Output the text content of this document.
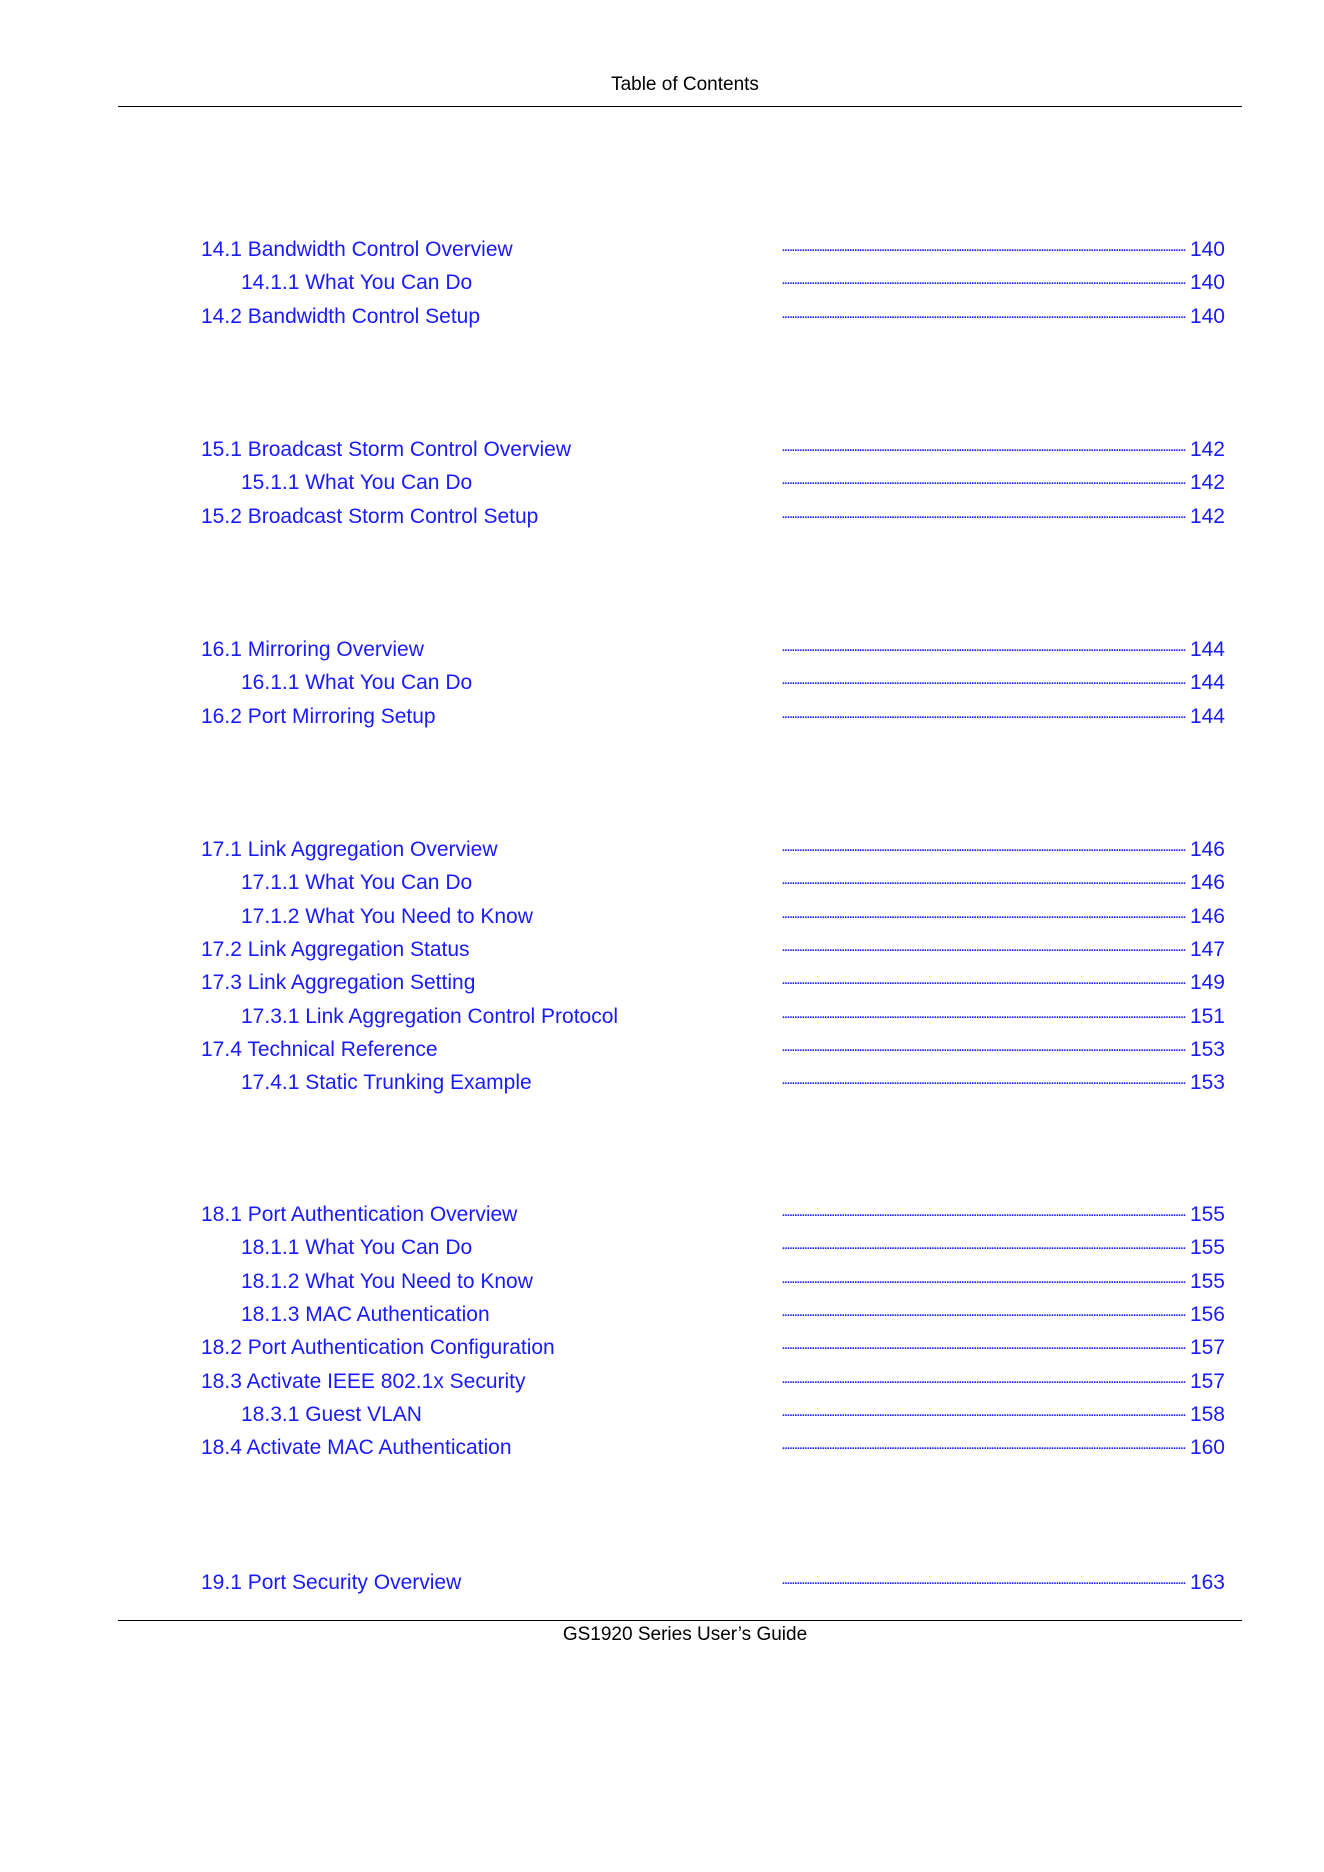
Table of Contents
14.1 Bandwidth Control Overview . . .	140
14.1.1 What You Can Do . . .	140
14.2 Bandwidth Control Setup . . .	140
15.1 Broadcast Storm Control Overview . . .	142
15.1.1 What You Can Do . . .	142
15.2 Broadcast Storm Control Setup . . .	142
16.1 Mirroring Overview . . .	144
16.1.1 What You Can Do . . .	144
16.2 Port Mirroring Setup . . .	144
17.1 Link Aggregation Overview . . .	146
17.1.1 What You Can Do . . .	146
17.1.2 What You Need to Know . . .	146
17.2 Link Aggregation Status . . .	147
17.3 Link Aggregation Setting . . .	149
17.3.1 Link Aggregation Control Protocol . . .	151
17.4 Technical Reference . . .	153
17.4.1 Static Trunking Example . . .	153
18.1 Port Authentication Overview . . .	155
18.1.1 What You Can Do . . .	155
18.1.2 What You Need to Know . . .	155
18.1.3 MAC Authentication . . .	156
18.2 Port Authentication Configuration . . .	157
18.3 Activate IEEE 802.1x Security . . .	157
18.3.1 Guest VLAN . . .	158
18.4 Activate MAC Authentication . . .	160
19.1 Port Security Overview . . .	163
GS1920 Series User’s Guide
